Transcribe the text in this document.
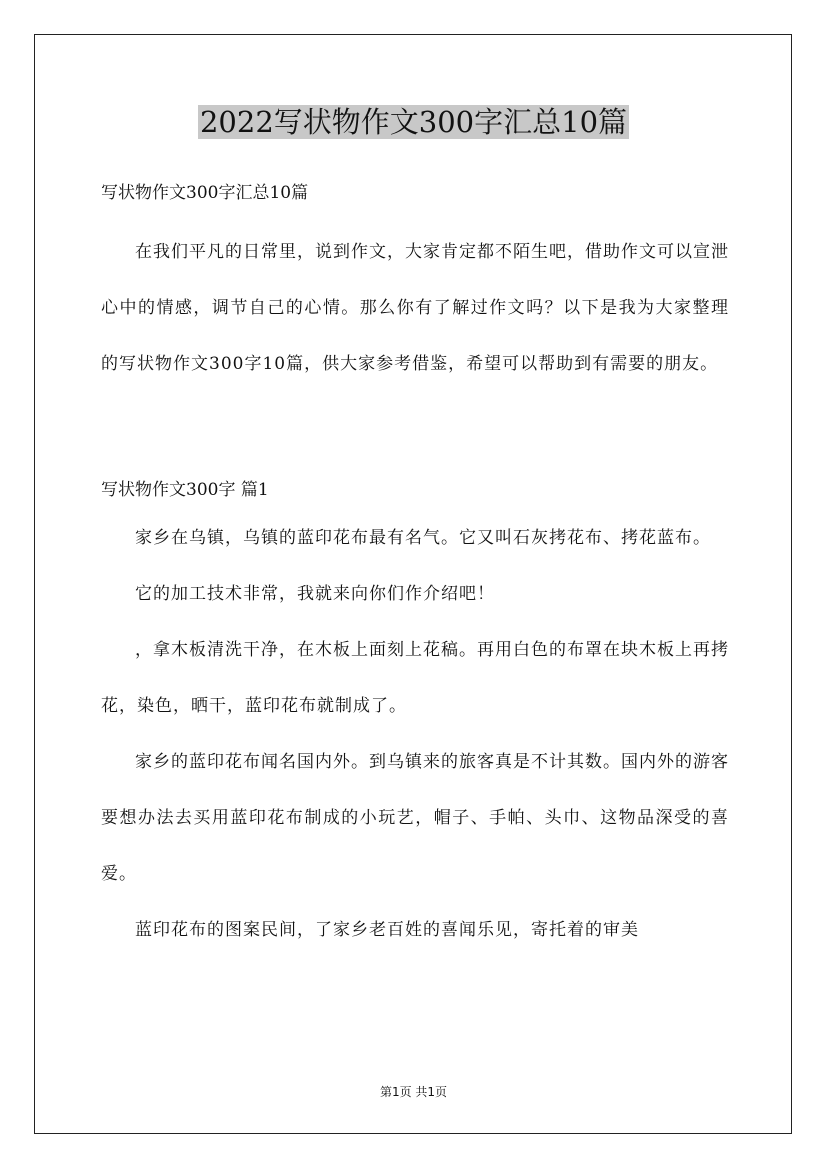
2022写状物作文300字汇总10篇

写状物作文300字汇总10篇

在我们平凡的日常里，说到作文，大家肯定都不陌生吧，借助作文可以宣泄心中的情感，调节自己的心情。那么你有了解过作文吗？以下是我为大家整理的写状物作文300字10篇，供大家参考借鉴，希望可以帮助到有需要的朋友。

写状物作文300字 篇1

家乡在乌镇，乌镇的蓝印花布最有名气。它又叫石灰拷花布、拷花蓝布。

它的加工技术非常，我就来向你们作介绍吧！

，拿木板清洗干净，在木板上面刻上花稿。再用白色的布罩在块木板上再拷花，染色，晒干，蓝印花布就制成了。

家乡的蓝印花布闻名国内外。到乌镇来的旅客真是不计其数。国内外的游客要想办法去买用蓝印花布制成的小玩艺，帽子、手帕、头巾、这物品深受的喜爱。

蓝印花布的图案民间，了家乡老百姓的喜闻乐见，寄托着的审美

第1页 共1页
